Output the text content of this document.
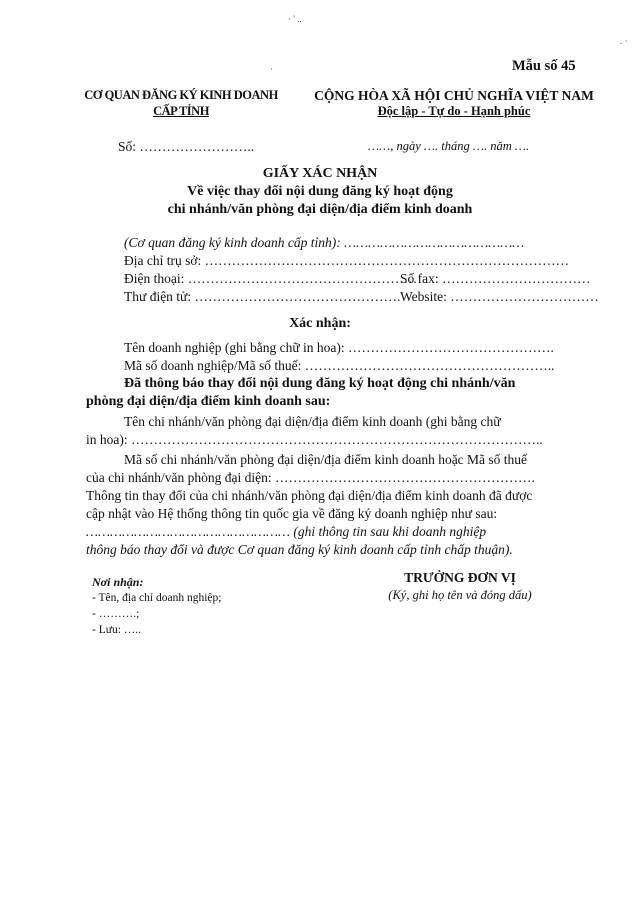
· ' ..
. ·
·	Mẫu số 45
CƠ QUAN ĐĂNG KÝ KINH DOANH
CẤP TỈNH
CỘNG HÒA XÃ HỘI CHỦ NGHĨA VIỆT NAM
Độc lập - Tự do - Hạnh phúc
Số: ……………………..	……, ngày …. tháng …. năm ….
GIẤY XÁC NHẬN
Về việc thay đổi nội dung đăng ký hoạt động
chi nhánh/văn phòng đại diện/địa điểm kinh doanh
(Cơ quan đăng ký kinh doanh cấp tỉnh): ………………………………………
Địa chỉ trụ sở: ………………………………………………………………………
Điện thoại: ……………………………………………
Số fax: ……………………………
Thư điện tử: ………………………………………. Website: ……………………………
Xác nhận:
Tên doanh nghiệp (ghi bằng chữ in hoa): ……………………………………….
Mã số doanh nghiệp/Mã số thuế: ………………………………………………..
Đã thông báo thay đổi nội dung đăng ký hoạt động chi nhánh/văn
phòng đại diện/địa điểm kinh doanh sau:
Tên chi nhánh/văn phòng đại diện/địa điểm kinh doanh (ghi bằng chữ
in hoa): ………………………………………………………………………………..
Mã số chi nhánh/văn phòng đại diện/địa điểm kinh doanh hoặc Mã số thuế
của chi nhánh/văn phòng đại diện: ………………………………………………….
Thông tin thay đổi của chi nhánh/văn phòng đại diện/địa điểm kinh doanh đã được
cập nhật vào Hệ thống thông tin quốc gia về đăng ký doanh nghiệp như sau:
…………………………………………… (ghi thông tin sau khi doanh nghiệp
thông báo thay đổi và được Cơ quan đăng ký kinh doanh cấp tỉnh chấp thuận).
Nơi nhận:
- Tên, địa chỉ doanh nghiệp;
- ……….;
- Lưu: …..
TRƯỞNG ĐƠN VỊ
(Ký, ghi họ tên và đóng dấu)
